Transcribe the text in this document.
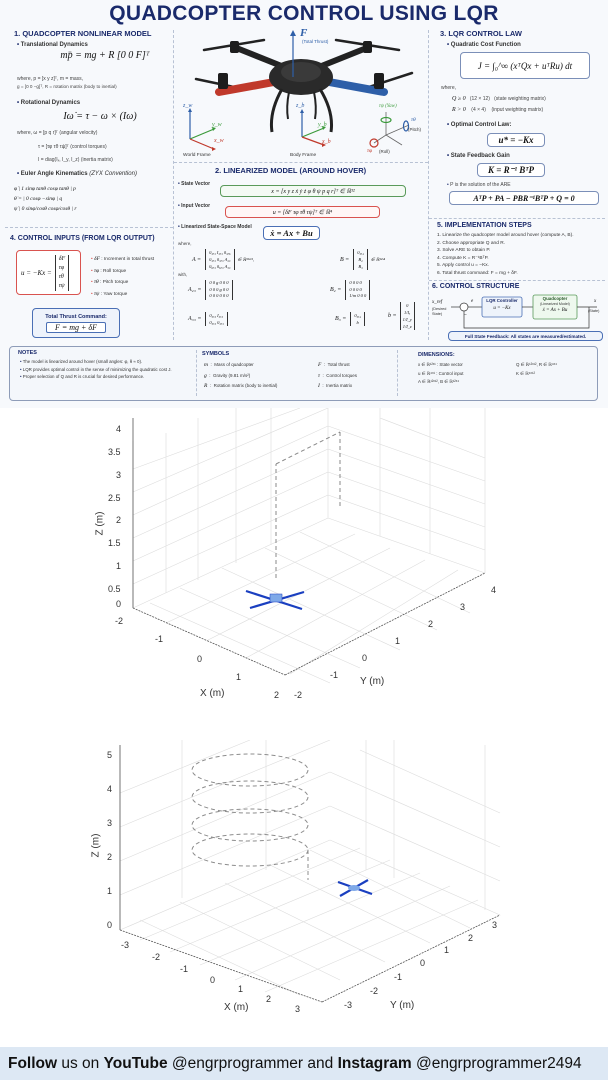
QUADCOPTER CONTROL USING LQR
1. QUADCOPTER NONLINEAR MODEL
• Translational Dynamics
mp̈ = mg + R [0 0 F]ᵀ
where, p = [x y z]ᵀ, m = mass,
g = [0 0 −g]ᵀ, R = rotation matrix (body to inertial)
• Rotational Dynamics
Iω̇ = τ − ω × (Iω)
where, ω = [p q r]ᵀ (angular velocity)
τ = [τφ τθ τψ]ᵀ (control torques)
I = diag(Iₓ, I_y, I_z) (inertia matrix)
• Euler Angle Kinematics (ZYX Convention)
φ̇ | 1 sinφ tanθ cosφ tanθ | p
θ̇ = | 0 cosφ −sinφ | q
ψ̇ | 0 sinφ/cosθ cosφ/cosθ | r
4. CONTROL INPUTS (FROM LQR OUTPUT)
u = −Kx =
δF
τφ
τθ
τψ
• δF : Increment in total thrust
• τφ : Roll torque
• τθ : Pitch torque
• τψ : Yaw torque
Total Thrust Command:
F = mg + δF
F
(Total Thrust)
z_w
y_w
x_w
World Frame
z_b
y_b
x_b
Body Frame
τψ (Yaw)
τθ
(Pitch)
τφ (Roll)
2. LINEARIZED MODEL (AROUND HOVER)
• State Vector
x = [x y z ẋ ẏ ż φ θ ψ p q r]ᵀ ∈ ℝ¹²
• Input Vector
u = [δF τφ τθ τψ]ᵀ ∈ ℝ⁴
• Linearized State-Space Model
ẋ = Ax + Bu
where,
A =
0₃ₓ₃ I₃ₓ₃ 0₃ₓ₆
0₃ₓ₃ 0₃ₓ₃ A₂₃
0₆ₓ₃ 0₆ₓ₃ A₃₃
∈ ℝ¹²ˣ¹²,	B =
0₃ₓ₄
B₂
B₃
∈ ℝ¹²ˣ⁴
with,
A₂₃ =
0 0 g 0 0 0
0 0 0 g 0 0
0 0 0 0 0 0
B₂ =
0 0 0 0
0 0 0 0
1/m 0 0 0
A₃₃ =
0₃ₓ₃ I₃ₓ₃
0₃ₓ₃ 0₃ₓ₃
B₃ =
0₃ₓ₄
b
b =
0
1/Iₓ
1/I_y
1/I_z
3. LQR CONTROL LAW
• Quadratic Cost Function
J = ∫₀^∞ (xᵀQx + uᵀRu) dt
where,
Q ≥ 0 (12 × 12) (state weighting matrix)
R > 0 (4 × 4) (input weighting matrix)
• Optimal Control Law:
u* = −Kx
• State Feedback Gain
K = R⁻¹ BᵀP
• P is the solution of the ARE
AᵀP + PA − PBR⁻¹BᵀP + Q = 0
5. IMPLEMENTATION STEPS
1. Linearize the quadcopter model around hover (compute A, B).
2. Choose appropriate Q and R.
3. Solve ARE to obtain P.
4. Compute K = R⁻¹BᵀP.
5. Apply control u = −Kx.
6. Total thrust command: F = mg + δF.
6. CONTROL STRUCTURE
x_ref
(Desired State)
e
−
LQR Controller
u = −Kx
Quadcopter
(Linearized Model)
ẋ = Ax + Bu
x
(State)
Full State Feedback: All states are measured/estimated.
NOTES
• The model is linearized around hover (small angles: φ, θ ≈ 0).
• LQR provides optimal control in the sense of minimizing the quadratic cost J.
• Proper selection of Q and R is crucial for desired performance.
SYMBOLS
m  :  Mass of quadcopter
g  :  Gravity (9.81 m/s²)
R  :  Rotation matrix (body to inertial)
F  :  Total thrust
τ  :  Control torques
I  :  Inertia matrix
DIMENSIONS:
x ∈ ℝ¹²ˣ¹ : State vector
u ∈ ℝ⁴ˣ¹ : Control input
A ∈ ℝ¹²ˣ¹², B ∈ ℝ¹²ˣ⁴
Q ∈ ℝ¹²ˣ¹², R ∈ ℝ⁴ˣ⁴
K ∈ ℝ⁴ˣ¹²
4
3.5
3
2.5
2
1.5
1
0.5
0
Z (m)
-2
-1
0
1
2
X (m)	-2
-1
0
1
2
3
4
Y (m)
5
4
3
2
1
0
Z (m)
-3
-2
-1
0
1
2
3
X (m)	-3
-2
-1
0
1
2
3
Y (m)
Follow us on YouTube @engrprogrammer and Instagram @engrprogrammer2494
